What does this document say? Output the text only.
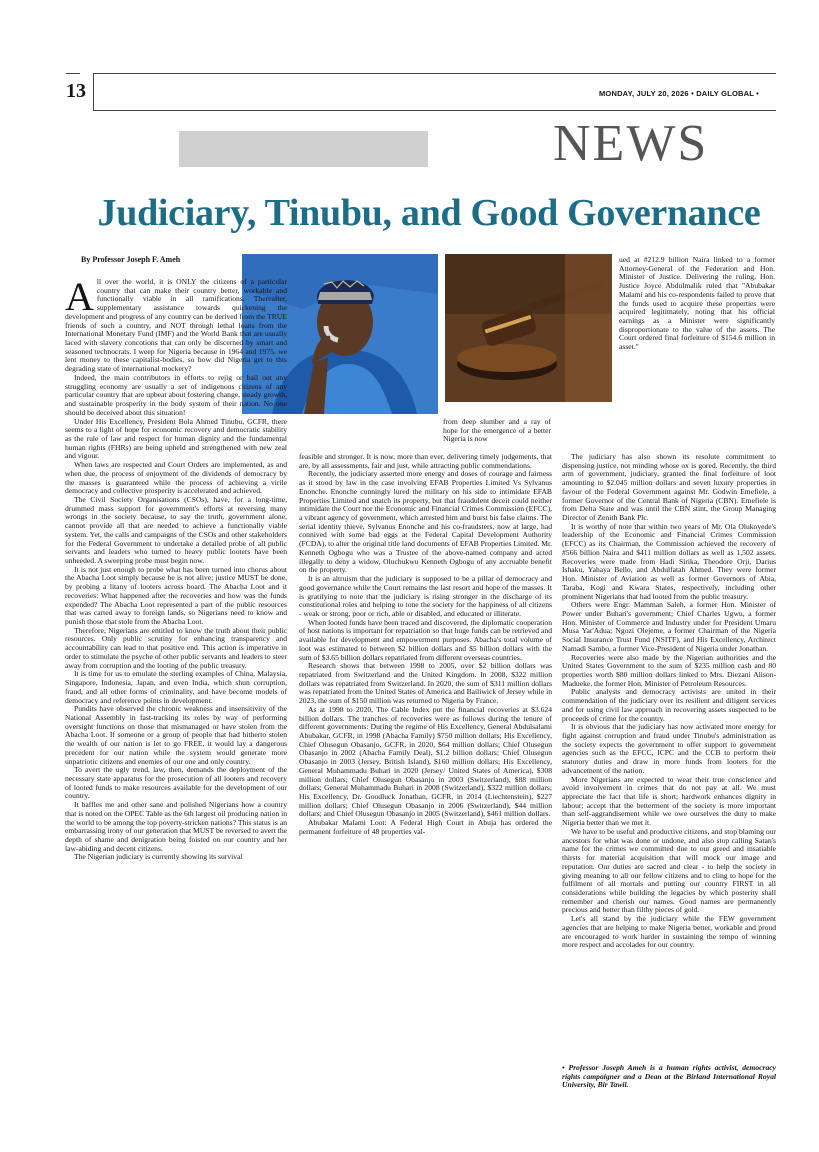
13	MONDAY, JULY 20, 2026 • DAILY GLOBAL •
NEWS
Judiciary, Tinubu, and Good Governance
By Professor Joseph F. Ameh

All over the world, it is ONLY the citizens of a particular country that can make their country better, workable and functionally viable in all ramifications. Thereafter, supplementary assistance towards quickening the development and progress of any country can be derived from the TRUE friends of such a country, and NOT through lethal loans from the International Monetary Fund (IMF) and the World Bank that are usually laced with slavery concotions that can only be discerned by smart and seasoned technocrats. I weep for Nigeria because in 1964 and 1975, we lent money to these capitalist-bodies, so how did Nigeria get to this degrading state of international mockery?

Indeed, the main contributors in efforts to rejig or bail out any struggling economy are usually a set of indigenous citizens of any particular country that are upbeat about fostering change, steady growth, and sustainable prosperity in the body system of their nation. No one should be deceived about this situation!

Under His Excellency, President Bola Ahmed Tinubu, GCFR, there seems to a light of hope for economic recovery and democratic stability as the rule of law and respect for human dignity and the fundamental human rights (FHRs) are being upheld and strengthened with new zeal and vigour.

When laws are respected and Court Orders are implemented, as and when due, the process of enjoyment of the dividends of democracy by the masses is guaranteed while the process of achieving a virile democracy and collective prosperity is accelerated and achieved.

The Civil Society Organisations (CSOs), have, for a long-time, drummed mass support for government's efforts at reversing many wrongs in the society because, to say the truth, government alone, cannot provide all that are needed to achieve a functionally viable system. Yet, the calls and campaigns of the CSOs and other stakeholders for the Federal Government to undertake a detailed probe of all public servants and leaders who turned to heavy public looters have been unheeded. A sweeping probe must begin now.

It is not just enough to probe what has been turned into chorus about the Abacha Loot simply because he is not alive; justice MUST be done, by probing a litany of looters across board. The Abacha Loot and it recoveries: What happened after the recoveries and how was the funds expended? The Abacha Loot represented a part of the public resources that was carted away to foreign lands, so Nigerians need to know and punish those that stole from the Abacha Loot.

Therefore, Nigerians are entitled to know the truth about their public resources. Only public scrutiny for enhancing transparency and accountability can lead to that positive end. This action is imperative in order to stimulate the psyche of other public servants and leaders to steer away from corruption and the looting of the public treasury.

It is time for us to emulate the sterling examples of China, Malaysia, Singapore, Indonesia, Japan, and even India, which shun corruption, fraud, and all other forms of criminality, and have become models of democracy and reference points in development.

Pundits have observed the chronic weakness and insensitivity of the National Assembly in fast-tracking its roles by way of performing oversight functions on those that mismanaged or have stolen from the Abacha Loot. If someone or a group of people that had hitherto stolen the wealth of our nation is let to go FREE, it would lay a dangerous precedent for our nation while the system would generate more unpatriotic citizens and enemies of our one and only country.

To avert the ugly trend, law, then, demands the deployment of the necessary state apparatus for the prosecution of all looters and recovery of looted funds to make resources available for the development of our country.

It baffles me and other sane and polished Nigerians how a country that is noted on the OPEC Table as the 6th largest oil producing nation in the world to be among the top poverty-stricken nations? This status is an embarrassing irony of our generation that MUST be reversed to avert the depth of shame and denigration being foisted on our country and her law-abiding and decent citizens.

The Nigerian judiciary is currently showing its survival

from deep slumber and a ray of hope for the emergence of a better Nigeria is now

feasible and stronger. It is now, more than ever, delivering timely judgements, that are, by all assessments, fair and just, while attracting public commendations.

Recently, the judiciary asserted more energy and doses of courage and fairness as it stood by law in the case involving EFAB Properties Limited Vs Sylvanus Enonche. Enonche cunningly lured the military on his side to intimidate EFAB Properties Limited and snatch its property, but that fraudulent deceit could neither intimidate the Court nor the Economic and Financial Crimes Commission (EFCC), a vibrant agency of government, which arrested him and burst his false claims. The serial identity thieve, Sylvanus Enonche and his co-fraudsters, now at large, had connived with some bad eggs at the Federal Capital Development Authority (FCDA), to alter the original title land documents of EFAB Properties Limited. Mr. Kenneth Ogbogu who was a Trustee of the above-named company and acted illegally to deny a widow, Oluchukwu Kenneth Ogbogu of any accruable benefit on the property.

It is an altruism that the judiciary is supposed to be a pillar of democracy and good governance while the Court remains the last resort and hope of the masses. It is gratifying to note that the judiciary is rising stronger in the discharge of its constitutional roles and helping to tone the society for the happiness of all citizens - weak or strong, poor or rich, able or disabled, and educated or illiterate.

When looted funds have been traced and discovered, the diplomatic cooperation of host nations is important for repatriation so that huge funds can be retrieved and available for development and empowerment purposes. Abacha's total volume of loot was estimated to between $2 billion dollars and $5 billion dollars with the sum of $3.65 billion dollars repatriated from different overseas countries.

Research shows that between 1998 to 2005, over $2 billion dollars was repatriated from Switzerland and the United Kingdom. In 2008, $322 million dollars was repatriated from Switzerland. In 2020, the sum of $311 million dollars was repatriated from the United States of America and Bailiwick of Jersey while in 2023, the sum of $150 million was returned to Nigeria by France.

As at 1998 to 2020, The Cable Index put the financial recoveries at $3.624 billion dollars. The tranches of recoveries were as follows during the tenure of different governments: During the regime of His Excellency, General Abdulsalami Abubakar, GCFR, in 1998 (Abacha Family) $750 million dollars; His Excellency, Chief Olusegun Obasanjo, GCFR, in 2020, $64 million dollars; Chief Olusegun Obasanjo in 2002 (Abacha Family Deal), $1.2 billion dollars; Chief Olusegun Obasanjo in 2003 (Jersey, British Island), $160 million dollars; His Excellency, General Muhammadu Buhari in 2020 (Jersey/ United States of America), $308 million dollars; Chief Olusegun Obasanjo in 2003 (Switzerland), $88 million dollars; General Muhammadu Buhari in 2008 (Switzerland), $322 million dollars; His Excellency, Dr. Goodluck Jonathan, GCFR, in 2014 (Liechtenstein), $227 million dollars; Chief Olusegun Obasanjo in 2006 (Switzerland), $44 million dollars; and Chief Olusegun Obasanjo in 2005 (Switzerland), $461 million dollars.

Abubakar Malami Loot: A Federal High Court in Abuja has ordered the permanent forfeiture of 48 properties val-

ued at #212.9 billion Naira linked to a former Attorney-General of the Federation and Hon. Minister of Justice. Delivering the ruling, Hon. Justice Joyce Abdulmalik ruled that "Abubakar Malami and his co-respondents failed to prove that the funds used to acquire these properties were acquired legitimately, noting that his official earnings as a Minister were significantly disproportionate to the value of the assets. The Court ordered final forfeiture of $154.6 million in asset."

The judiciary has also shown its resolute commitment to dispensing justice, not minding whose ox is gored. Recently, the third arm of government, judiciary, granted the final forfeiture of loot amounting to $2.045 million dollars and seven luxury properties in favour of the Federal Government against Mr. Godwin Emefiele, a former Governor of the Central Bank of Nigeria (CBN). Emefiele is from Delta State and was until the CBN stint, the Group Managing Director of Zenith Bank Plc.

It is worthy of note that within two years of Mr. Ola Olukoyede's leadership of the Economic and Financial Crimes Commission (EFCC) as its Chairman, the Commission achieved the recovery of #566 billion Naira and $411 million dollars as well as 1,502 assets. Recoveries were made from Hadi Sirika, Theodore Orji, Darius Ishaku, Yahaya Bello, and Abdulfatah Ahmed. They were former Hon. Minister of Aviation as well as former Governors of Abia, Taraba, Kogi and Kwara States, respectively, including other prominent Nigerians that had looted from the public treasury.

Others were Engr. Mamman Saleh, a former Hon. Minister of Power under Buhari's government; Chief Charles Ugwu, a former Hon. Minister of Commerce and Industry under for President Umaru Musa Yar'Adua; Ngozi Olejeme, a former Chairman of the Nigeria Social Insurance Trust Fund (NSITF), and His Excellency, Architect Namadi Sambo, a former Vice-President of Nigeria under Jonathan.

Recoveries were also made by the Nigerian authorities and the United States Government to the sum of $235 million cash and 80 properties worth $80 million dollars linked to Mrs. Diezani Alison- Madueke, the former Hon. Minister of Petroleum Resources.

Public analysts and democracy activists are united in their commendation of the judiciary over its resilient and diligent services and for using civil law approach in recovering assets suspected to be proceeds of crime for the country.

It is obvious that the judiciary has now activated more energy for fight against corruption and fraud under Tinubu's administration as the society expects the government to offer support to government agencies such as the EFCC, ICPC and the CCB to perform their statutory duties and draw in more funds from looters for the advancement of the nation.

More Nigerians are expected to wear their true conscience and avoid involvement in crimes that do not pay at all. We must appreciate the fact that life is short; hardwork enhances dignity in labour; accept that the betterment of the society is more important than self-aggrandisement while we owe ourselves the duty to make Nigeria better than we met it.

We have to be useful and productive citizens, and stop blaming our ancestors for what was done or undone, and also stop calling Satan's name for the crimes we committed due to our greed and insatiable thirsts for material acquisition that will mock our image and reputation. Our duties are sacred and clear - to help the society in giving meaning to all our fellow citizens and to cling to hope for the fulfilment of all mortals and putting our country FIRST in all considerations while building the legacies by which posterity shall remember and cherish our names. Good names are permanently precious and better than filthy pieces of gold.

Let's all stand by the judiciary while the FEW government agencies that are helping to make Nigeria better, workable and proud are encouraged to work harder in sustaining the tempo of winning more respect and accolades for our country.

• Professor Joseph Ameh is a human rights activist, democracy rights campaigner and a Dean at the Birland International Royal University, Bir Tawil.
